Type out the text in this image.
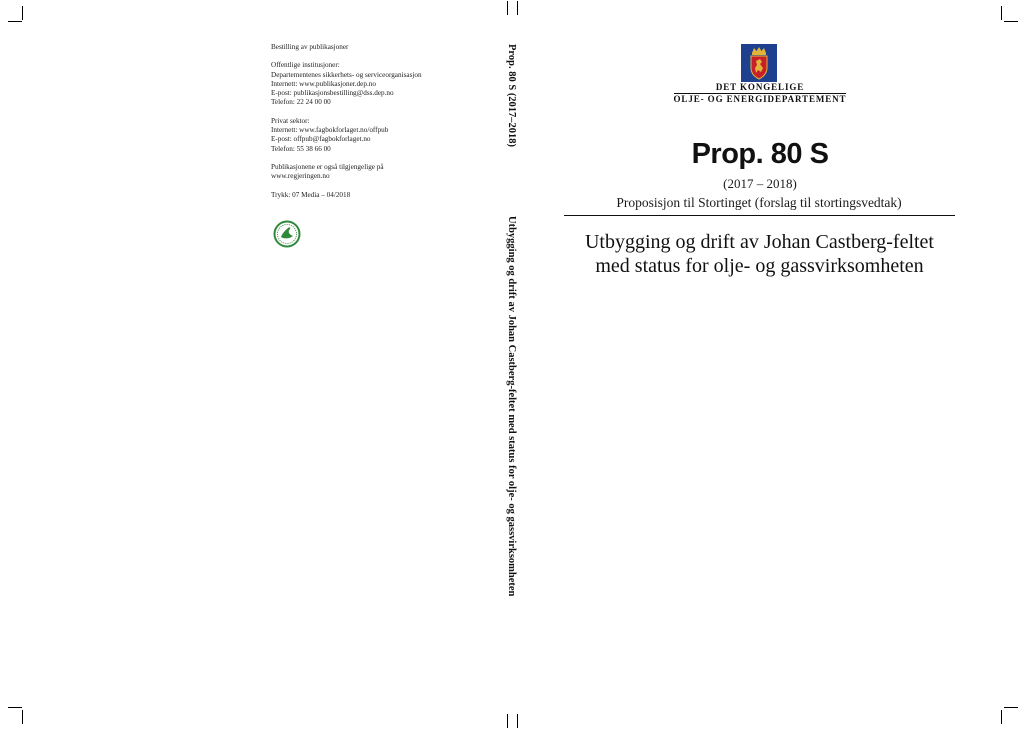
Bestilling av publikasjoner
Offentlige institusjoner:
Departementenes sikkerhets- og serviceorganisasjon
Internett: www.publikasjoner.dep.no
E-post: publikasjonsbestilling@dss.dep.no
Telefon: 22 24 00 00
Privat sektor:
Internett: www.fagbokforlaget.no/offpub
E-post: offpub@fagbokforlaget.no
Telefon: 55 38 66 00
Publikasjonene er også tilgjengelige på
www.regjeringen.no
Trykk: 07 Media – 04/2018
Prop. 80 S (2017–2018)
Utbygging og drift av Johan Castberg-feltet med status for olje- og gassvirksomheten
DET KONGELIGE
OLJE- OG ENERGIDEPARTEMENT
Prop. 80 S
(2017 – 2018)
Proposisjon til Stortinget (forslag til stortingsvedtak)
Utbygging og drift av Johan Castberg-feltet
med status for olje- og gassvirksomheten
